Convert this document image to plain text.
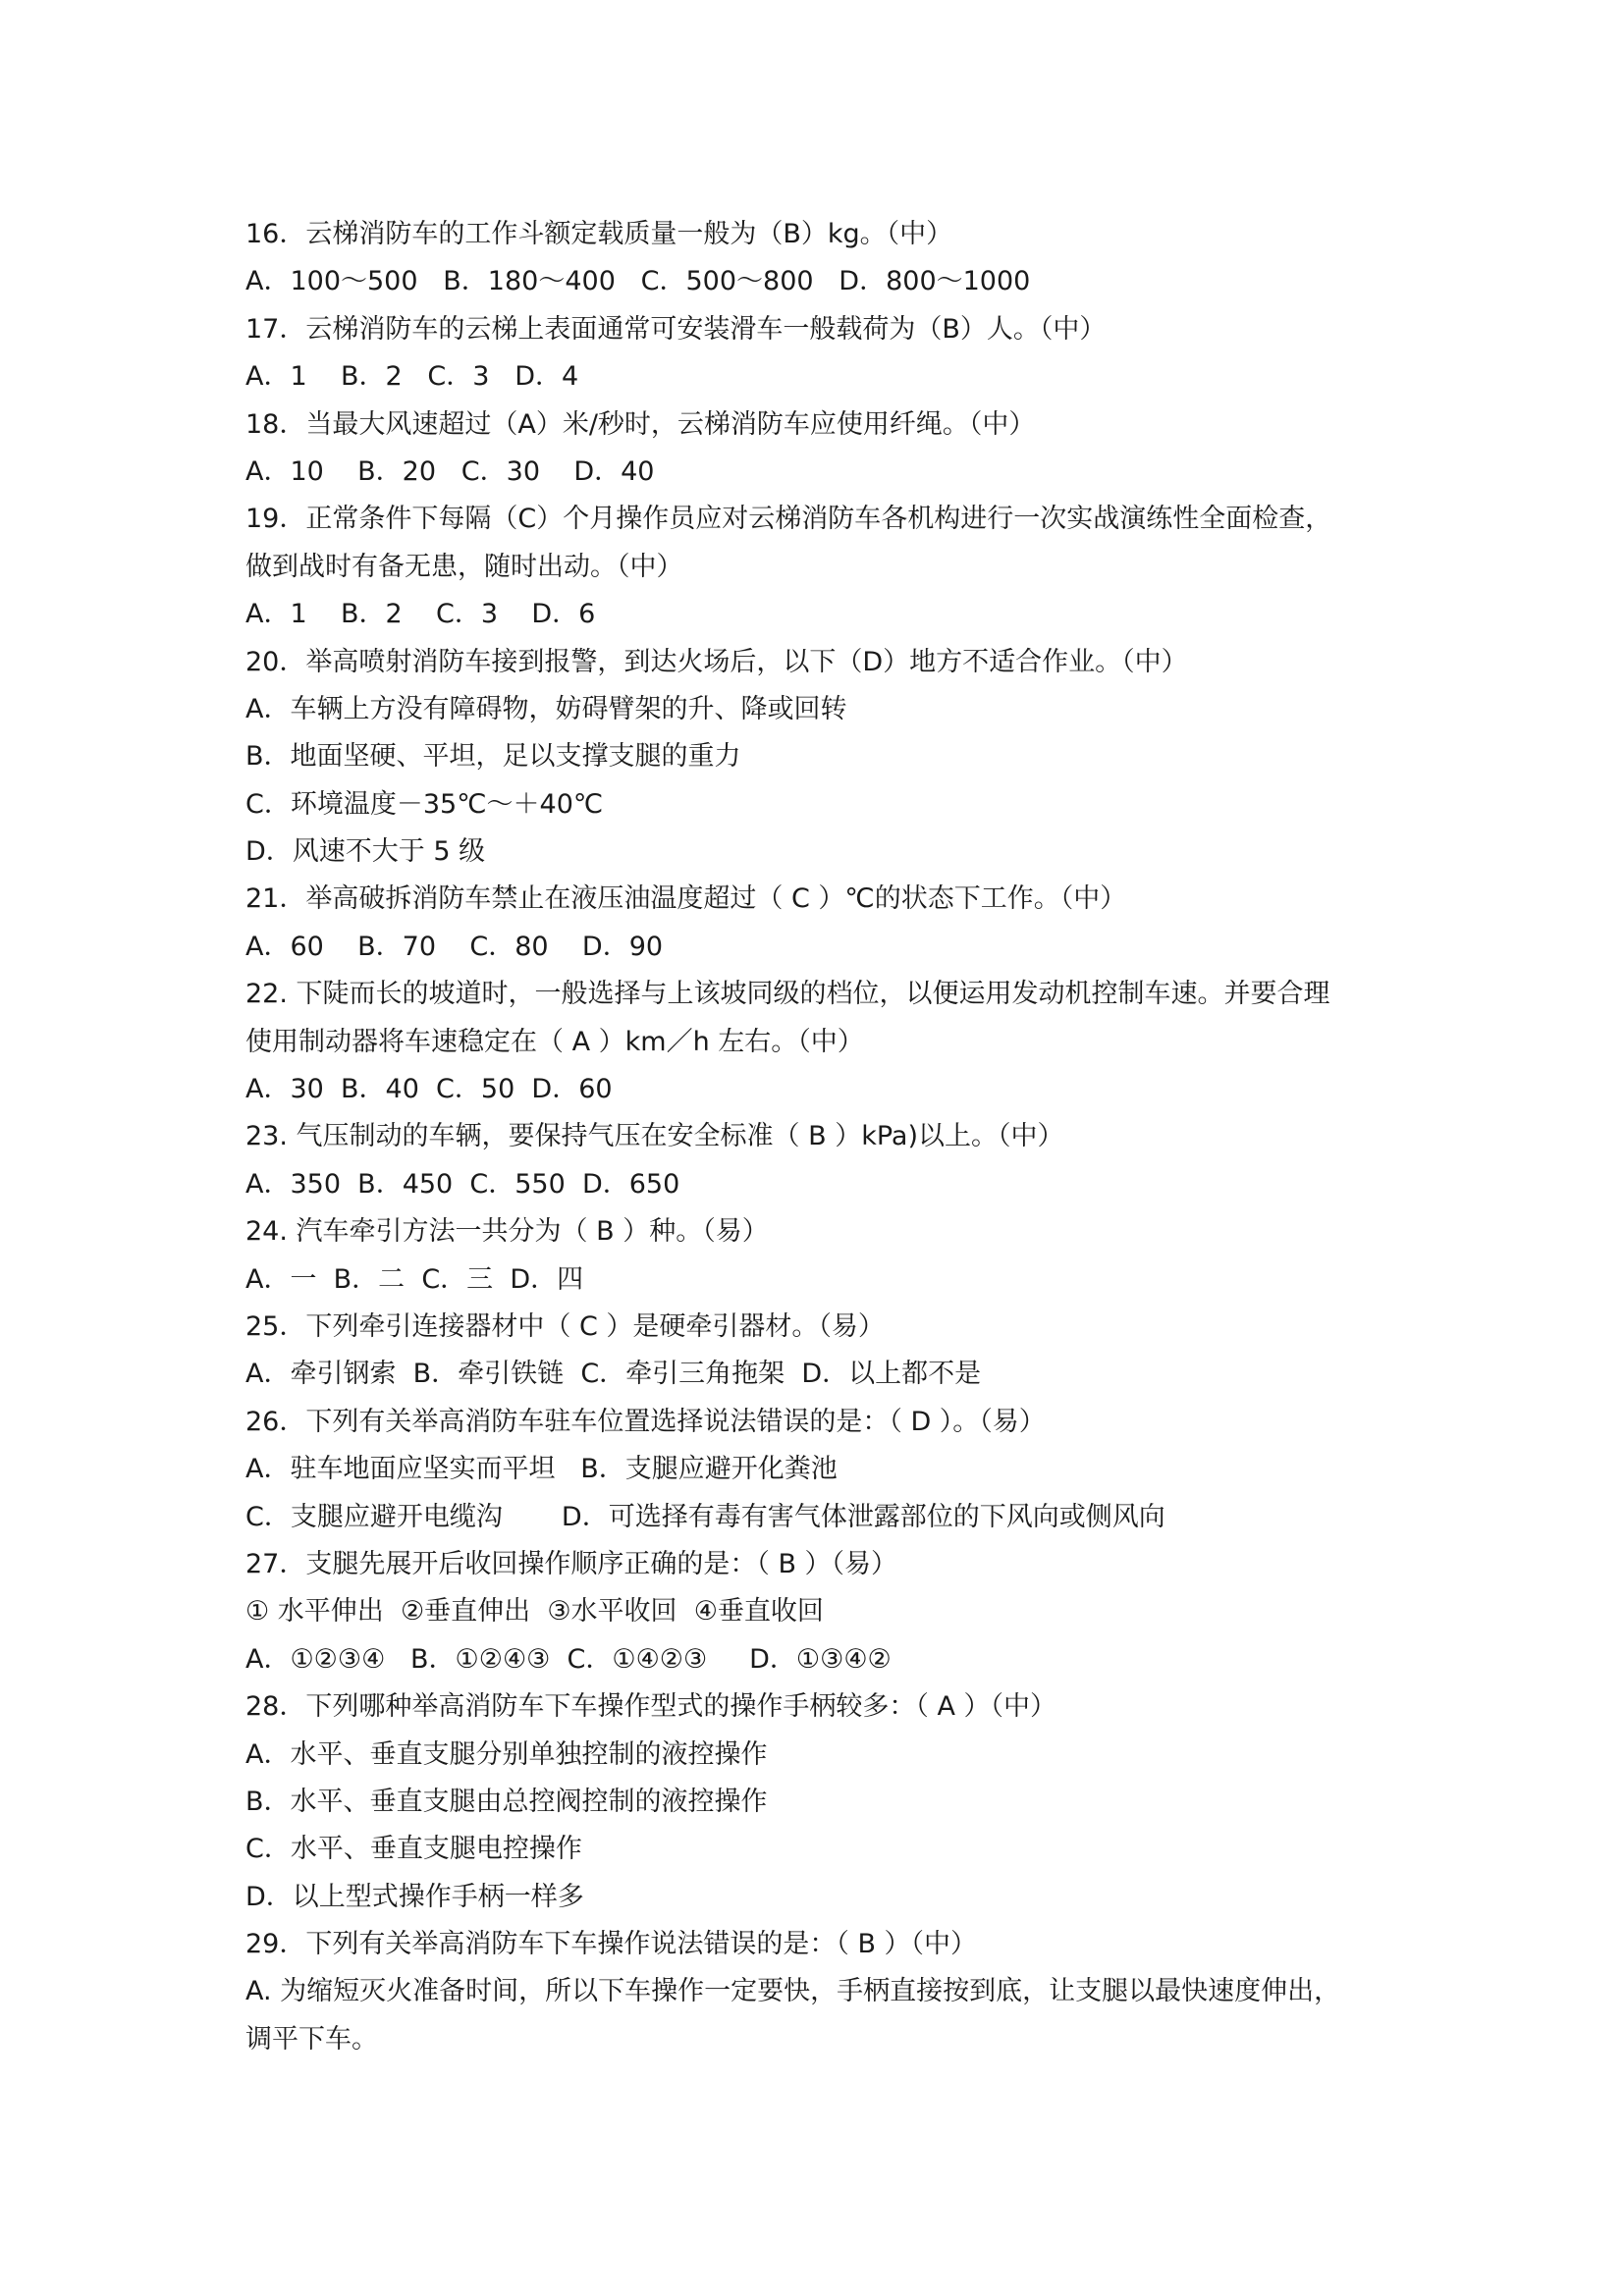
16．云梯消防车的工作斗额定载质量一般为（B）kg。（中）
A．100～500   B．180～400   C．500～800   D．800～1000
17．云梯消防车的云梯上表面通常可安装滑车一般载荷为（B）人。（中）
A．1    B．2   C．3   D．4
18．当最大风速超过（A）米/秒时，云梯消防车应使用纤绳。（中）
A．10    B．20   C．30    D．40
19．正常条件下每隔（C）个月操作员应对云梯消防车各机构进行一次实战演练性全面检查，
做到战时有备无患，随时出动。（中）
A．1    B．2    C．3    D．6
20．举高喷射消防车接到报警，到达火场后，以下（D）地方不适合作业。（中）
A．车辆上方没有障碍物，妨碍臂架的升、降或回转
B．地面坚硬、平坦，足以支撑支腿的重力
C．环境温度－35℃～＋40℃
D．风速不大于 5 级
21．举高破拆消防车禁止在液压油温度超过（ C ）℃的状态下工作。（中）
A．60    B．70    C．80    D．90
22. 下陡而长的坡道时，一般选择与上该坡同级的档位，以便运用发动机控制车速。并要合理
使用制动器将车速稳定在（ A ）km／h 左右。（中）
A．30  B．40  C．50  D．60
23. 气压制动的车辆，要保持气压在安全标准（ B ）kPa)以上。（中）
A．350  B．450  C．550  D．650
24. 汽车牵引方法一共分为（ B ）种。（易）
A．一  B．二  C．三  D．四
25．下列牵引连接器材中（ C ）是硬牵引器材。（易）
A．牵引钢索  B．牵引铁链  C．牵引三角拖架  D．以上都不是
26．下列有关举高消防车驻车位置选择说法错误的是：（ D ）。（易）
A．驻车地面应坚实而平坦   B．支腿应避开化粪池
C．支腿应避开电缆沟       D．可选择有毒有害气体泄露部位的下风向或侧风向
27．支腿先展开后收回操作顺序正确的是：（ B ）（易）
① 水平伸出  ②垂直伸出  ③水平收回  ④垂直收回
A．①②③④   B．①②④③  C．①④②③     D．①③④②
28．下列哪种举高消防车下车操作型式的操作手柄较多：（ A ）（中）
A．水平、垂直支腿分别单独控制的液控操作
B．水平、垂直支腿由总控阀控制的液控操作
C．水平、垂直支腿电控操作
D．以上型式操作手柄一样多
29．下列有关举高消防车下车操作说法错误的是：（ B ）（中）
A. 为缩短灭火准备时间，所以下车操作一定要快，手柄直接按到底，让支腿以最快速度伸出，
调平下车。
